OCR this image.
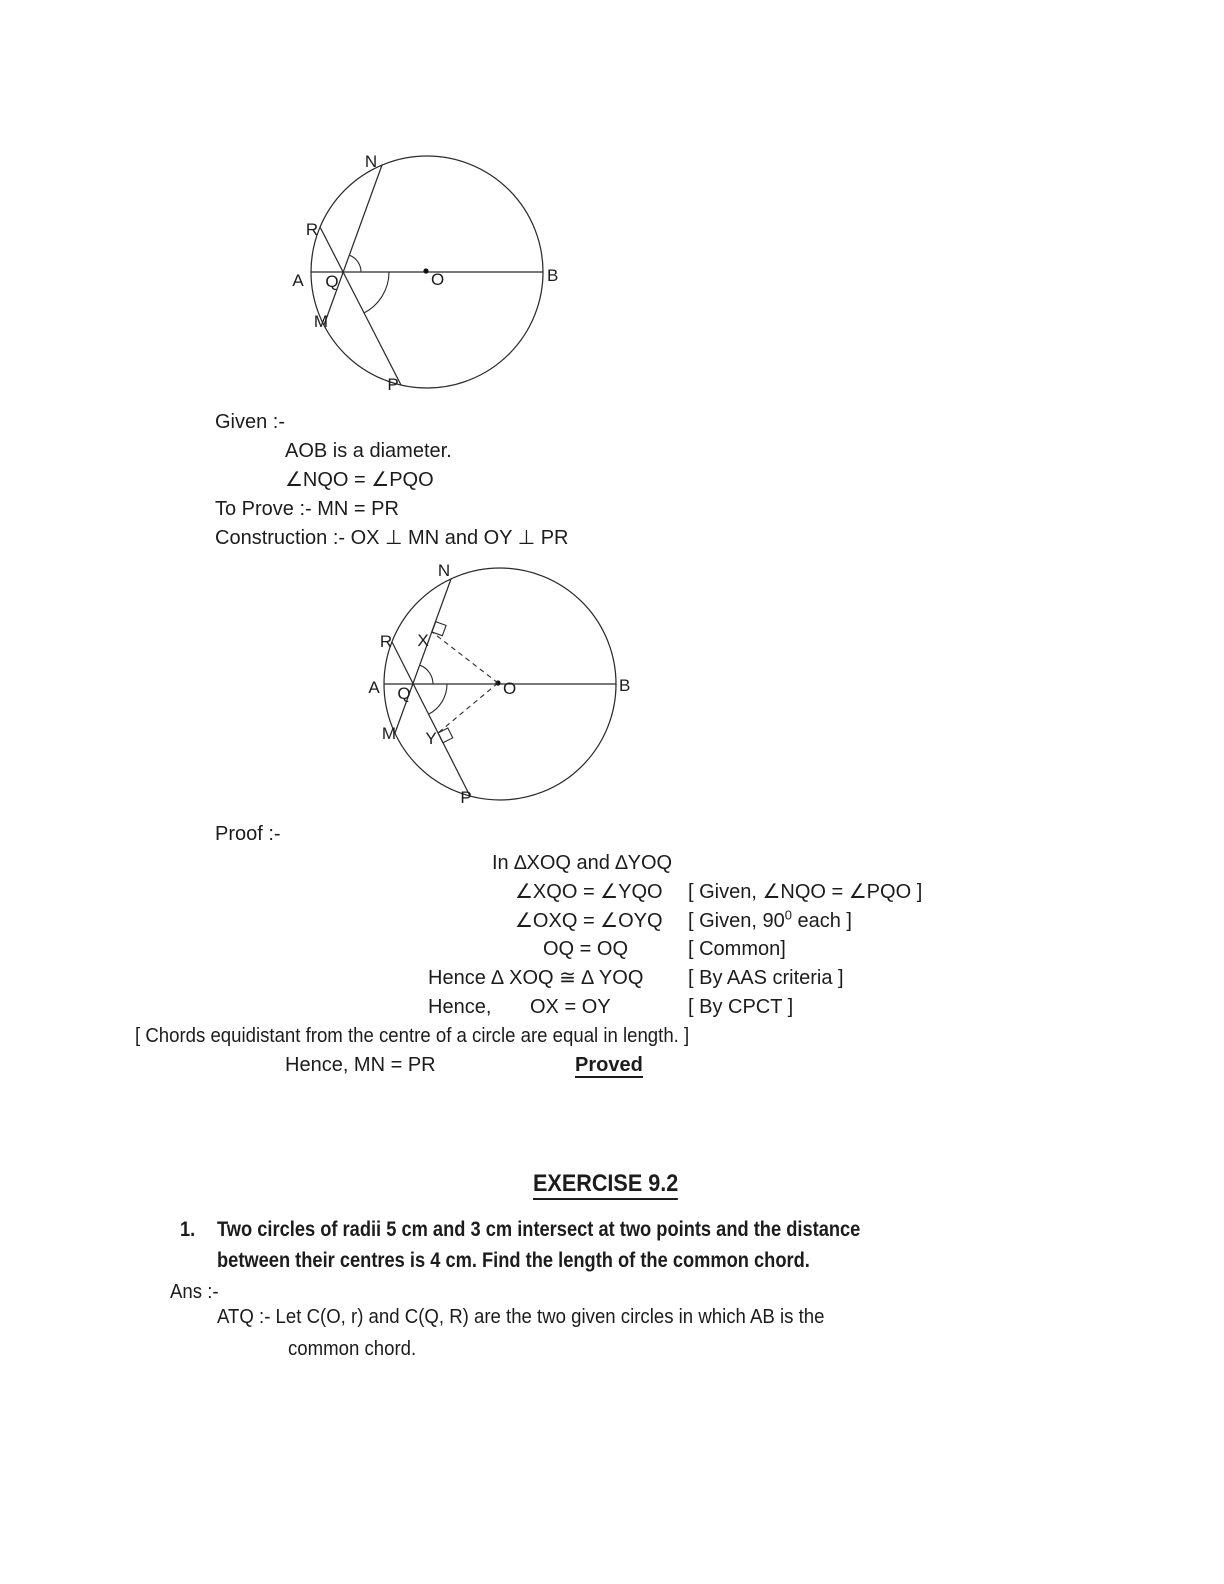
N
R
A Q	B
M
P
O
Given :-
AOB is a diameter.
∠NQO = ∠PQO
To Prove :- MN = PR
Construction :- OX ⊥ MN and OY ⊥ PR
N
R X
A Q	B
M Y
P
O
Proof :-
In ∆XOQ and ∆YOQ
∠XQO = ∠YQO [ Given, ∠NQO = ∠PQO ]
∠OXQ = ∠OYQ [ Given, $90^0$ each ]
OQ = OQ	[ Common]
Hence ∆ XOQ ≅ ∆ YOQ [ By AAS criteria ]
Hence, OX = OY	[ By CPCT ]
[ Chords equidistant from the centre of a circle are equal in length. ]
Hence, MN = PR	Proved
EXERCISE 9.2
1. Two circles of radii 5 cm and 3 cm intersect at two points and the distance
between their centres is 4 cm. Find the length of the common chord.
Ans :-
ATQ :- Let C(O, r) and C(Q, R) are the two given circles in which AB is the
common chord.
